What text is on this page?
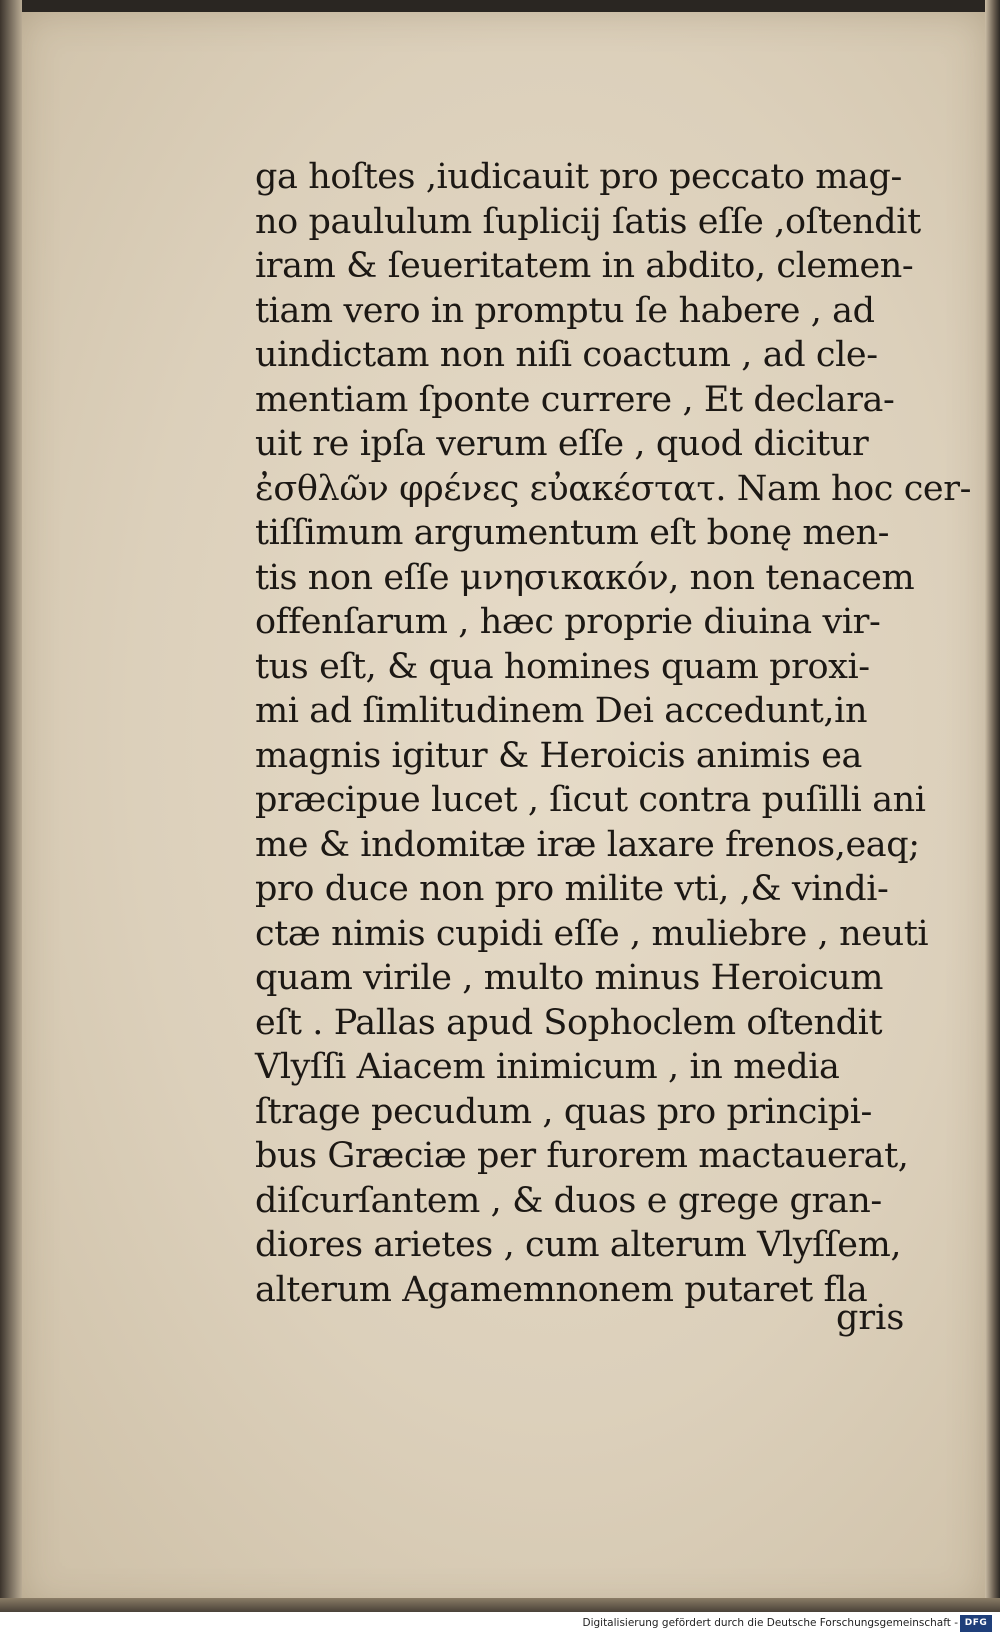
ga hoſtes ,iudicauit pro peccato mag-
no paululum ſuplicij ſatis eſſe ,oſtendit
iram & ſeueritatem in abdito, clemen-
tiam vero in promptu ſe habere , ad
uindictam non niſi coactum , ad cle-
mentiam ſponte currere , Et declara-
uit re ipſa verum eſſe , quod dicitur
ἐσθλῶν φρένες εὐακέστατ. Nam hoc cer-
tiſſimum argumentum eſt bonę men-
tis non eſſe μνησικακόν, non tenacem
offenſarum , hæc proprie diuina vir-
tus eſt, & qua homines quam proxi-
mi ad ſimlitudinem Dei accedunt,in
magnis igitur & Heroicis animis ea
præcipue lucet , ſicut contra puſilli ani
me & indomitæ iræ laxare frenos,eaq;
pro duce non pro milite vti, ,& vindi-
ctæ nimis cupidi eſſe , muliebre , neuti
quam virile , multo minus Heroicum
eſt . Pallas apud Sophoclem oſtendit
Vlyſſi Aiacem inimicum , in media
ſtrage pecudum , quas pro principi-
bus Græciæ per furorem mactauerat,
diſcurſantem , & duos e grege gran-
diores arietes , cum alterum Vlyſſem,
alterum Agamemnonem putaret fla
gris
Digitalisierung gefördert durch die Deutsche Forschungsgemeinschaft - DFG
